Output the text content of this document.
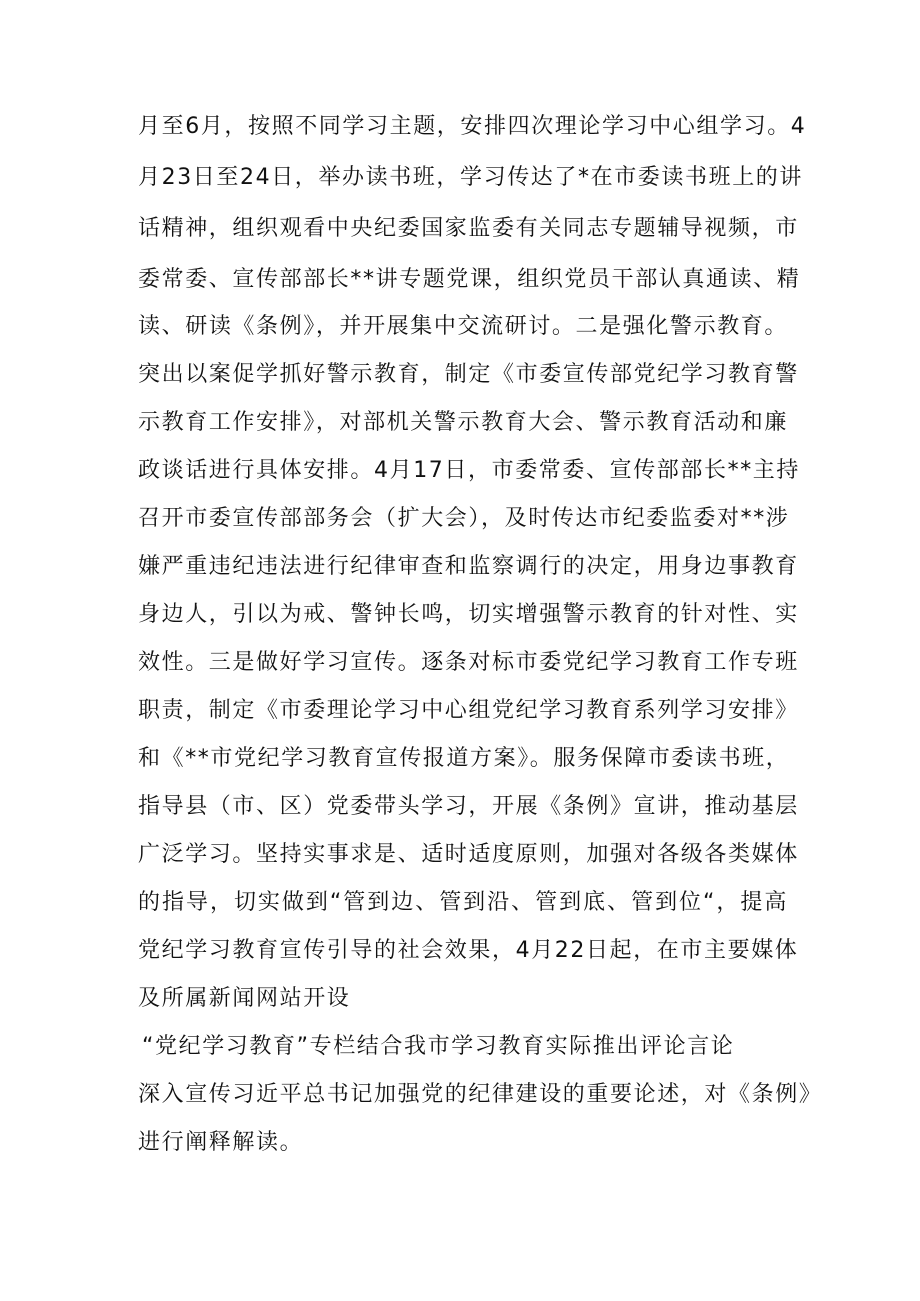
月至6月，按照不同学习主题，安排四次理论学习中心组学习。4
月23日至24日，举办读书班，学习传达了*在市委读书班上的讲
话精神，组织观看中央纪委国家监委有关同志专题辅导视频，市
委常委、宣传部部长**讲专题党课，组织党员干部认真通读、精
读、研读《条例》，并开展集中交流研讨。二是强化警示教育。
突出以案促学抓好警示教育，制定《市委宣传部党纪学习教育警
示教育工作安排》，对部机关警示教育大会、警示教育活动和廉
政谈话进行具体安排。4月17日，市委常委、宣传部部长**主持
召开市委宣传部部务会（扩大会），及时传达市纪委监委对**涉
嫌严重违纪违法进行纪律审查和监察调行的决定，用身边事教育
身边人，引以为戒、警钟长鸣，切实增强警示教育的针对性、实
效性。三是做好学习宣传。逐条对标市委党纪学习教育工作专班
职责，制定《市委理论学习中心组党纪学习教育系列学习安排》
和《**市党纪学习教育宣传报道方案》。服务保障市委读书班，
指导县（市、区）党委带头学习，开展《条例》宣讲，推动基层
广泛学习。坚持实事求是、适时适度原则，加强对各级各类媒体
的指导，切实做到“管到边、管到沿、管到底、管到位“，提高
党纪学习教育宣传引导的社会效果，4月22日起，在市主要媒体
及所属新闻网站开设
“党纪学习教育”专栏结合我市学习教育实际推出评论言论
深入宣传习近平总书记加强党的纪律建设的重要论述，对《条例》
进行阐释解读。
